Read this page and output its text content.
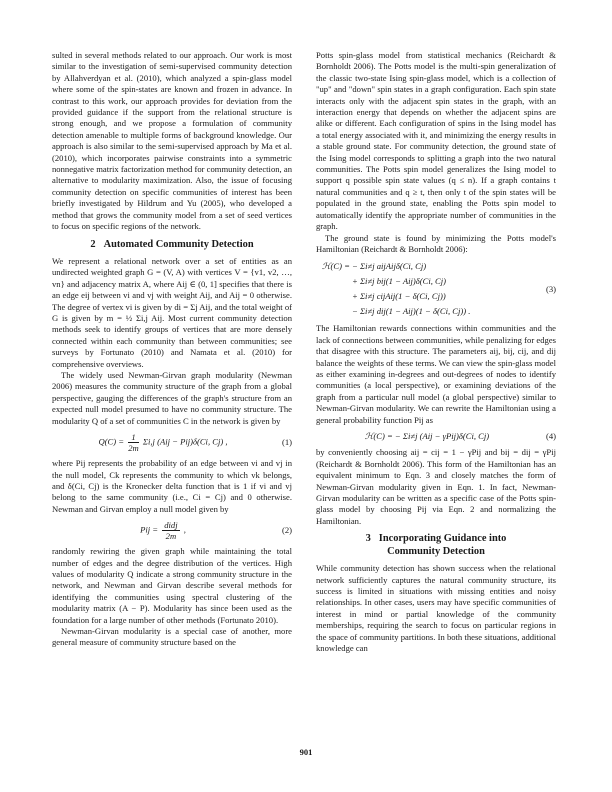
sulted in several methods related to our approach. Our work is most similar to the investigation of semi-supervised community detection by Allahverdyan et al. (2010), which analyzed a spin-glass model where some of the spin-states are known and frozen in advance. In contrast to this work, our approach provides for deviation from the provided guidance if the support from the relational structure is strong enough, and we propose a formulation of community detection amenable to multiple forms of background knowledge. Our approach is also similar to the semi-supervised approach by Ma et al. (2010), which incorporates pairwise constraints into a symmetric nonnegative matrix factorization method for community detection, an alternative to modularity maximization. Also, the issue of focusing community detection on specific communities of interest has been briefly investigated by Hildrum and Yu (2005), who developed a method that grows the community model from a set of seed vertices to focus on specific regions of the network.

2 Automated Community Detection

We represent a relational network over a set of entities as an undirected weighted graph G = (V, A) with vertices V = {v1, v2, …, vn} and adjacency matrix A, where Aij ∈ (0, 1] specifies that there is an edge eij between vi and vj with weight Aij, and Aij = 0 otherwise. The degree of vertex vi is given by di = Σj Aij, and the total weight of G is given by m = ½ Σi,j Aij. Most current community detection methods seek to identify groups of vertices that are more densely connected within each community than between communities; see surveys by Fortunato (2010) and Namata et al. (2010) for comprehensive overviews.

The widely used Newman-Girvan graph modularity (Newman 2006) measures the community structure of the graph from a global perspective, gauging the differences of the graph's structure from an expected null model presumed to have no community structure. The modularity Q of a set of communities C in the network is given by

$Q(C) = \frac{1}{2m} \Sigma i,j$ (Aij − Pij)δ(Ci, Cj) ,	(1)

where Pij represents the probability of an edge between vi and vj in the null model, Ck represents the community to which vk belongs, and δ(Ci, Cj) is the Kronecker delta function that is 1 if vi and vj belong to the same community (i.e., Ci = Cj) and 0 otherwise. Newman and Girvan employ a null model given by

Pij = $\frac{\text{didj}}{2m}$ ,	(2)

randomly rewiring the given graph while maintaining the total number of edges and the degree distribution of the vertices. High values of modularity Q indicate a strong community structure in the network, and Newman and Girvan describe several methods for identifying the communities using spectral clustering of the modularity matrix (A − P). Modularity has since been used as the foundation for a large number of other methods (Fortunato 2010).

Newman-Girvan modularity is a special case of another, more general measure of community structure based on the

Potts spin-glass model from statistical mechanics (Reichardt & Bornholdt 2006). The Potts model is the multi-spin generalization of the classic two-state Ising spin-glass model, which is a collection of "up" and "down" spin states in a graph configuration. Each spin state interacts only with the adjacent spin states in the graph, with an interaction energy that depends on whether the adjacent spins are alike or different. Each configuration of spins in the Ising model has a total energy associated with it, and minimizing the energy results in a stable ground state. For community detection, the ground state of the Ising model corresponds to splitting a graph into the two natural communities. The Potts spin model generalizes the Ising model to support q possible spin state values (q ≤ n). If a graph contains t natural communities and q ≥ t, then only t of the spin states will be populated in the ground state, enabling the Potts spin model to automatically identify the appropriate number of communities in the graph.

The ground state is found by minimizing the Potts model's Hamiltonian (Reichardt & Bornholdt 2006):

ℋ(C) = − Σi≠j aijAijδ(Ci, Cj)
+ Σi≠j bij(1 − Aij)δ(Ci, Cj)
+ Σi≠j cijAij(1 − δ(Ci, Cj))
− Σi≠j dij(1 − Aij)(1 − δ(Ci, Cj)) .
(3)

The Hamiltonian rewards connections within communities and the lack of connections between communities, while penalizing for edges that disagree with this structure. The parameters aij, bij, cij, and dij balance the weights of these terms. We can view the spin-glass model as either examining in-degrees and out-degrees of nodes to identify communities (a local perspective), or examining deviations of the graph from a particular null model (a global perspective) similar to Newman-Girvan modularity. We can rewrite the Hamiltonian using a general probability function Pij as

ℋ(C) = − Σi≠j (Aij − γPij)δ(Ci, Cj)	(4)

by conveniently choosing aij = cij = 1 − γPij and bij = dij = γPij (Reichardt & Bornholdt 2006). This form of the Hamiltonian has an equivalent minimum to Eqn. 3 and closely matches the form of Newman-Girvan modularity given in Eqn. 1. In fact, Newman-Girvan modularity can be written as a specific case of the Potts spin-glass model by choosing Pij via Eqn. 2 and normalizing the Hamiltonian.

3 Incorporating Guidance into
Community Detection

While community detection has shown success when the relational network sufficiently captures the natural community structure, its success is limited in situations with missing entities and noisy relationships. In other cases, users may have specific communities of interest in mind or partial knowledge of the community memberships, requiring the search to focus on particular regions in the space of community partitions. In both these situations, additional knowledge can

901
